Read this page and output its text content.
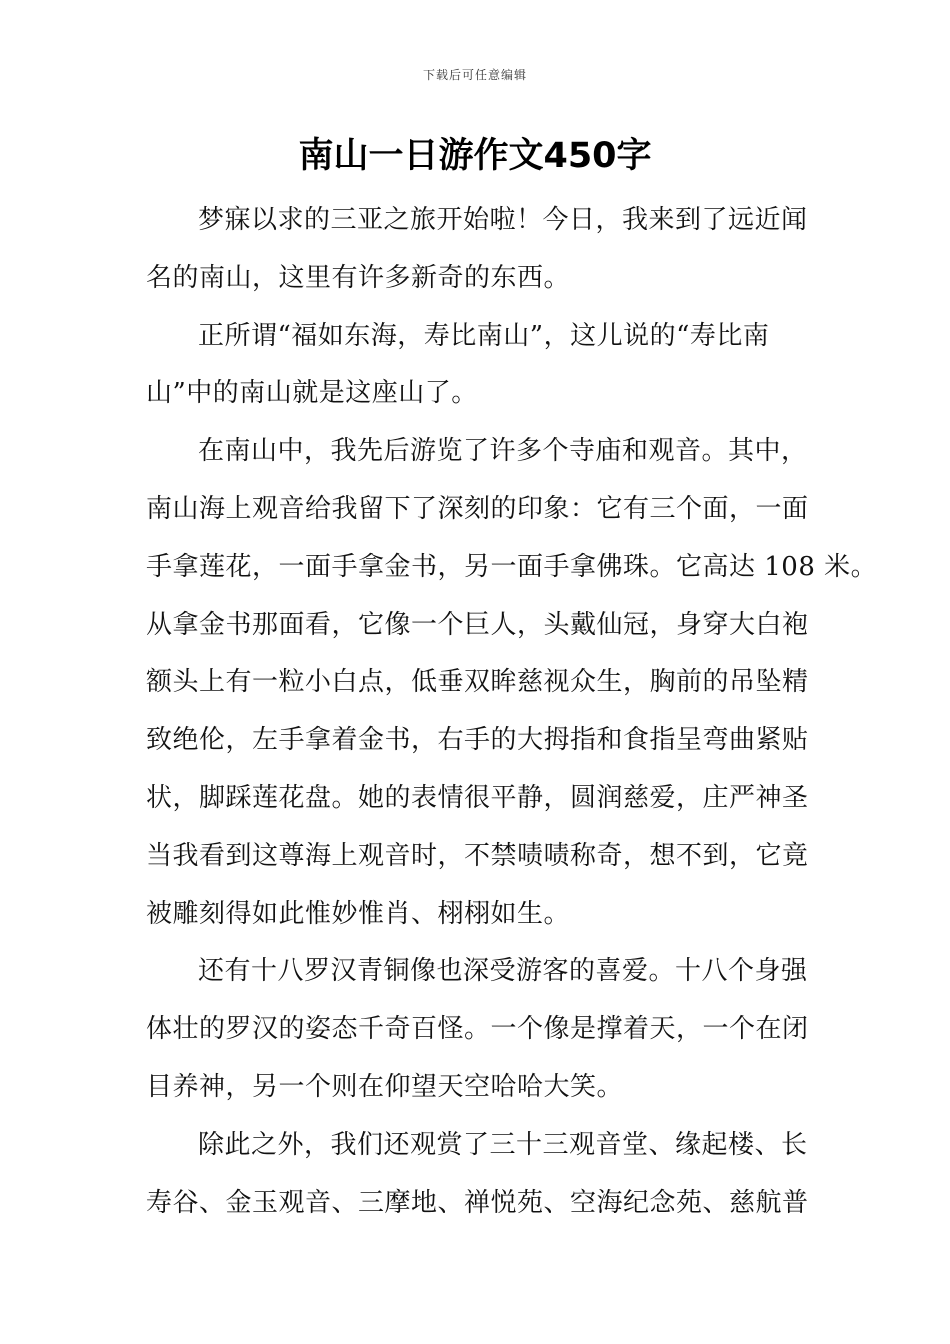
下载后可任意编辑
南山一日游作文450字
梦寐以求的三亚之旅开始啦！今日，我来到了远近闻
名的南山，这里有许多新奇的东西。
正所谓“福如东海，寿比南山”，这儿说的“寿比南
山”中的南山就是这座山了。
在南山中，我先后游览了许多个寺庙和观音。其中，
南山海上观音给我留下了深刻的印象：它有三个面，一面
手拿莲花，一面手拿金书，另一面手拿佛珠。它高达 108 米。
从拿金书那面看，它像一个巨人，头戴仙冠，身穿大白袍
额头上有一粒小白点，低垂双眸慈视众生，胸前的吊坠精
致绝伦，左手拿着金书，右手的大拇指和食指呈弯曲紧贴
状，脚踩莲花盘。她的表情很平静，圆润慈爱，庄严神圣
当我看到这尊海上观音时，不禁啧啧称奇，想不到，它竟
被雕刻得如此惟妙惟肖、栩栩如生。
还有十八罗汉青铜像也深受游客的喜爱。十八个身强
体壮的罗汉的姿态千奇百怪。一个像是撑着天，一个在闭
目养神，另一个则在仰望天空哈哈大笑。
除此之外，我们还观赏了三十三观音堂、缘起楼、长
寿谷、金玉观音、三摩地、禅悦苑、空海纪念苑、慈航普
